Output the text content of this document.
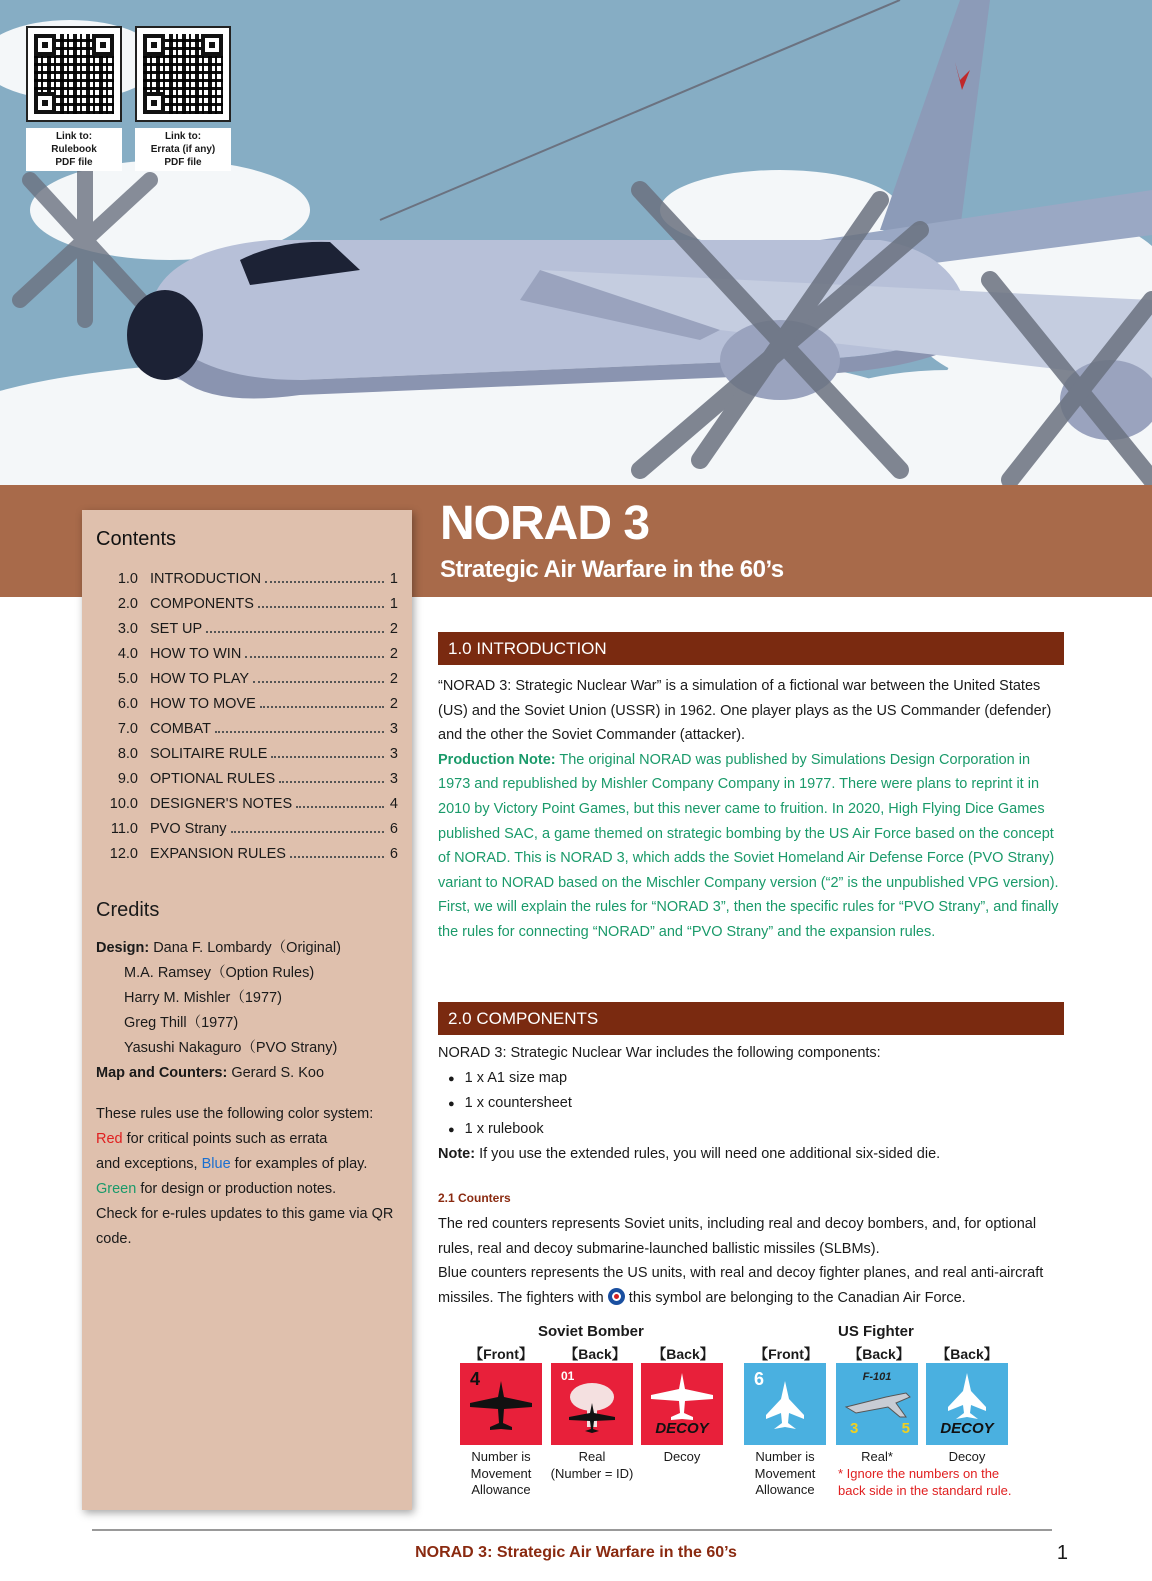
Link to:
Rulebook
PDF file
Link to:
Errata (if any)
PDF file
NORAD 3
Strategic Air Warfare in the 60’s
Contents
1.0 INTRODUCTION	1
2.0 COMPONENTS	1
3.0 SET UP	2
4.0 HOW TO WIN	2
5.0 HOW TO PLAY	2
6.0 HOW TO MOVE	2
7.0 COMBAT	3
8.0 SOLITAIRE RULE	3
9.0 OPTIONAL RULES	3
10.0 DESIGNER'S NOTES	4
11.0 PVO Strany	6
12.0 EXPANSION RULES	6
Credits
Design: Dana F. Lombardy（Original)
M.A. Ramsey（Option Rules)
Harry M. Mishler（1977)
Greg Thill（1977)
Yasushi Nakaguro（PVO Strany)
Map and Counters: Gerard S. Koo
These rules use the following color system:
Red for critical points such as errata
and exceptions, Blue for examples of play.
Green for design or production notes.
Check for e-rules updates to this game via QR code.
1.0 INTRODUCTION
“NORAD 3: Strategic Nuclear War” is a simulation of a fictional war between the United States (US) and the Soviet Union (USSR) in 1962. One player plays as the US Commander (defender) and the other the Soviet Commander (attacker).
Production Note: The original NORAD was published by Simulations Design Corporation in 1973 and republished by Mishler Company Company in 1977. There were plans to reprint it in 2010 by Victory Point Games, but this never came to fruition. In 2020, High Flying Dice Games published SAC, a game themed on strategic bombing by the US Air Force based on the concept of NORAD. This is NORAD 3, which adds the Soviet Homeland Air Defense Force (PVO Strany) variant to NORAD based on the Mischler Company version (“2” is the unpublished VPG version).
First, we will explain the rules for “NORAD 3”, then the specific rules for “PVO Strany”, and finally the rules for connecting “NORAD” and “PVO Strany” and the expansion rules.
2.0 COMPONENTS
NORAD 3: Strategic Nuclear War includes the following components:
● 1 x A1 size map
● 1 x countersheet
● 1 x rulebook
Note: If you use the extended rules, you will need one additional six-sided die.
2.1 Counters
The red counters represents Soviet units, including real and decoy bombers, and, for optional rules, real and decoy submarine-launched ballistic missiles (SLBMs).
Blue counters represents the US units, with real and decoy fighter planes, and real anti-aircraft missiles. The fighters with  this symbol are belonging to the Canadian Air Force.
Soviet Bomber	US Fighter
【Front】	【Back】	【Back】	【Front】	【Back】	【Back】
4	01
DECOY
6	F-101
3	5	DECOY
Number is
Movement
Allowance
Real
(Number = ID)
Decoy	Number is
Movement
Allowance
Real*	Decoy
* Ignore the numbers on the
back side in the standard rule.
NORAD 3: Strategic Air Warfare in the 60’s	1
